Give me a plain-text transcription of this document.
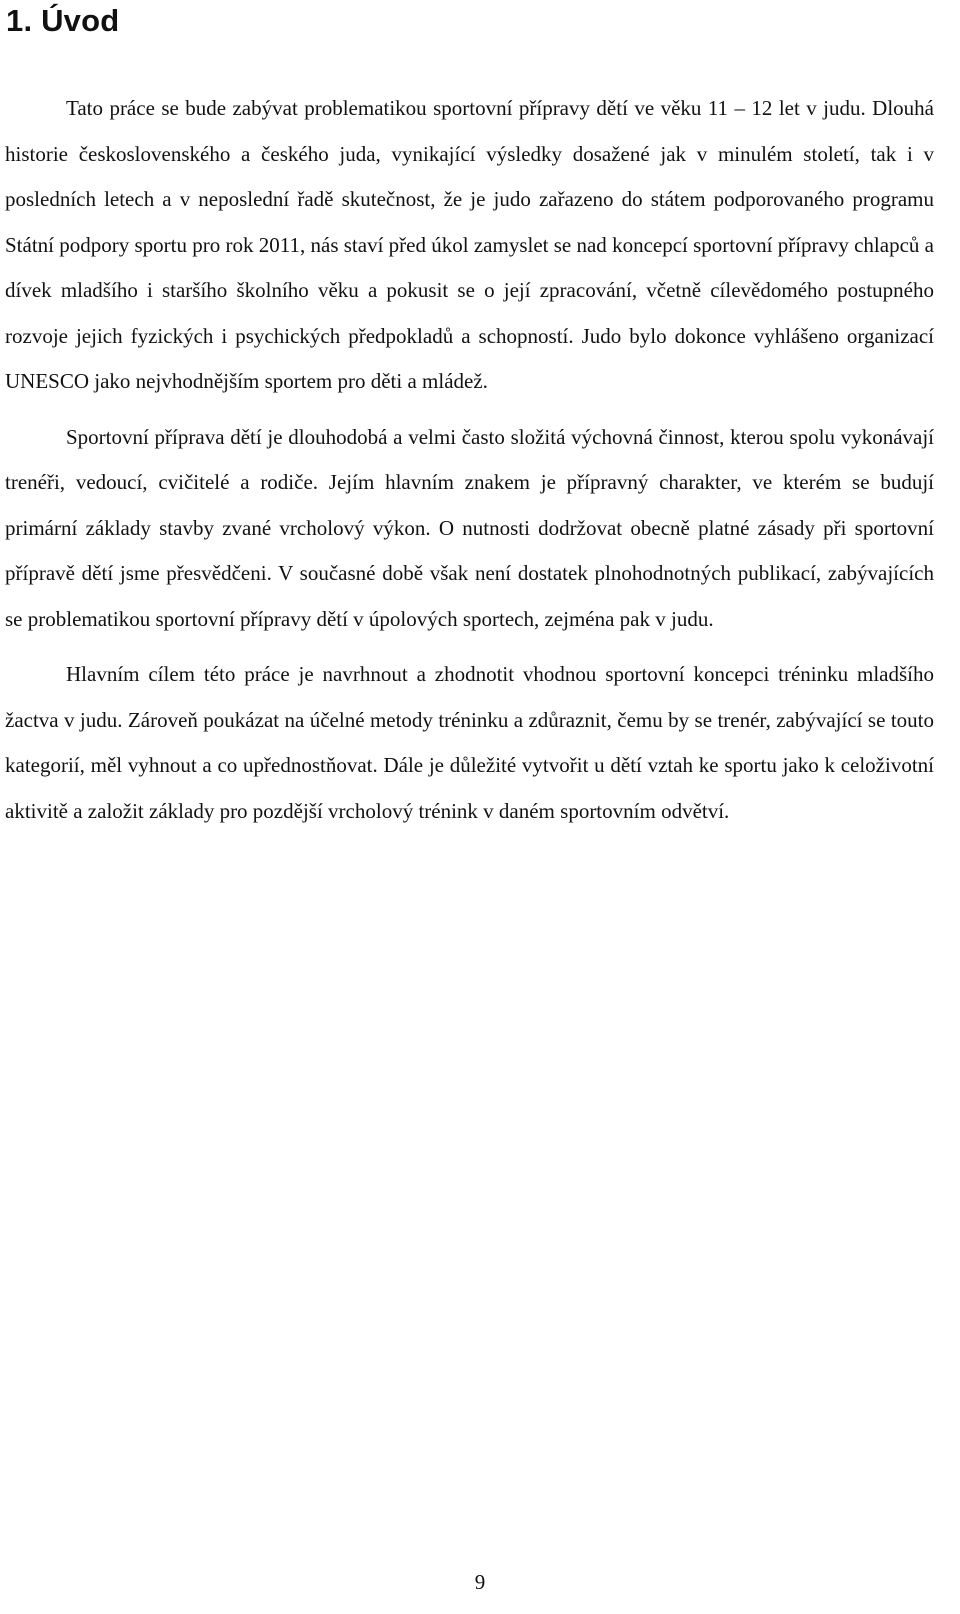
1. Úvod

Tato práce se bude zabývat problematikou sportovní přípravy dětí ve věku 11 – 12 let v judu. Dlouhá historie československého a českého juda, vynikající výsledky dosažené jak v minulém století, tak i v posledních letech a v neposlední řadě skutečnost, že je judo zařazeno do státem podporovaného programu Státní podpory sportu pro rok 2011, nás staví před úkol zamyslet se nad koncepcí sportovní přípravy chlapců a dívek mladšího i staršího školního věku a pokusit se o její zpracování, včetně cílevědomého postupného rozvoje jejich fyzických i psychických předpokladů a schopností. Judo bylo dokonce vyhlášeno organizací UNESCO jako nejvhodnějším sportem pro děti a mládež.

Sportovní příprava dětí je dlouhodobá a velmi často složitá výchovná činnost, kterou spolu vykonávají trenéři, vedoucí, cvičitelé a rodiče. Jejím hlavním znakem je přípravný charakter, ve kterém se budují primární základy stavby zvané vrcholový výkon. O nutnosti dodržovat obecně platné zásady při sportovní přípravě dětí jsme přesvědčeni. V současné době však není dostatek plnohodnotných publikací, zabývajících se problematikou sportovní přípravy dětí v úpolových sportech, zejména pak v judu.

Hlavním cílem této práce je navrhnout a zhodnotit vhodnou sportovní koncepci tréninku mladšího žactva v judu. Zároveň poukázat na účelné metody tréninku a zdůraznit, čemu by se trenér, zabývající se touto kategorií, měl vyhnout a co upřednostňovat. Dále je důležité vytvořit u dětí vztah ke sportu jako k celoživotní aktivitě a založit základy pro pozdější vrcholový trénink v daném sportovním odvětví.

9
